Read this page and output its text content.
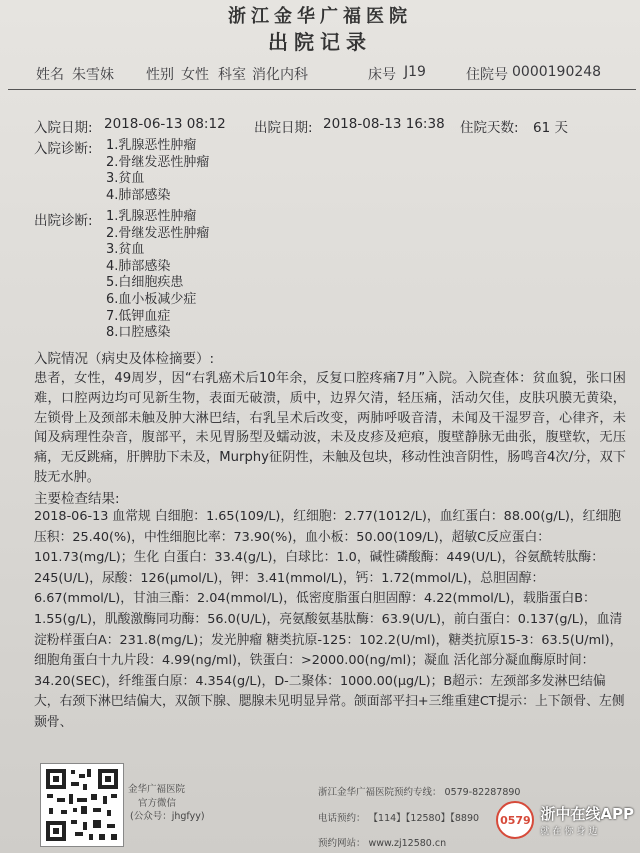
浙江金华广福医院
出院记录
姓名 朱雪妹 性别 女性 科室 消化内科	床号 J19	住院号 0000190248
入院日期: 2018-06-13 08:12 出院日期: 2018-08-13 16:38 住院天数: 61 天
入院诊断: 1.乳腺恶性肿瘤
2.骨继发恶性肿瘤
3.贫血
4.肺部感染
出院诊断: 1.乳腺恶性肿瘤
2.骨继发恶性肿瘤
3.贫血
4.肺部感染
5.白细胞疾患
6.血小板减少症
7.低钾血症
8.口腔感染
入院情况（病史及体检摘要）:
患者，女性，49周岁，因“右乳癌术后10年余，反复口腔疼痛7月”入院。入院查体：贫血貌，张口困难，口腔两边均可见新生物，表面无破溃，质中，边界欠清，轻压痛，活动欠佳，皮肤巩膜无黄染，左锁骨上及颈部未触及肿大淋巴结，右乳呈术后改变，两肺呼吸音清，未闻及干湿罗音，心律齐，未闻及病理性杂音，腹部平，未见胃肠型及蠕动波，未及皮疹及疤痕，腹壁静脉无曲张，腹壁软，无压痛，无反跳痛，肝脾肋下未及，Murphy征阴性，未触及包块，移动性浊音阴性，肠鸣音4次/分，双下肢无水肿。
主要检查结果:
2018-06-13 血常规 白细胞：1.65(109/L)，红细胞：2.77(1012/L)，血红蛋白：88.00(g/L)，红细胞压积：25.40(%)，中性细胞比率：73.90(%)，血小板：50.00(109/L)，超敏C反应蛋白：101.73(mg/L)；生化 白蛋白：33.4(g/L)，白球比：1.0，碱性磷酸酶：449(U/L)，谷氨酰转肽酶：245(U/L)，尿酸：126(μmol/L)，钾：3.41(mmol/L)，钙：1.72(mmol/L)，总胆固醇：6.67(mmol/L)，甘油三酯：2.04(mmol/L)，低密度脂蛋白胆固醇：4.22(mmol/L)，载脂蛋白B：1.55(g/L)，肌酸激酶同功酶：56.0(U/L)，亮氨酸氨基肽酶：63.9(U/L)，前白蛋白：0.137(g/L)，血清淀粉样蛋白A：231.8(mg/L)；发光肿瘤 糖类抗原-125：102.2(U/ml)，糖类抗原15-3：63.5(U/ml)，细胞角蛋白十九片段：4.99(ng/ml)，铁蛋白：>2000.00(ng/ml)；凝血 活化部分凝血酶原时间：34.20(SEC)，纤维蛋白原：4.354(g/L)，D-二聚体：1000.00(μg/L)；B超示：左颈部多发淋巴结偏大，右颈下淋巴结偏大，双颌下腺、腮腺未见明显异常。颌面部平扫+三维重建CT提示：上下颌骨、左侧颞骨、
金华广福医院
官方微信
(公众号：jhgfyy)
浙江金华广福医院预约专线： 0579-82287890
电话预约： 【114】【12580】【8890
预约网站： www.zj12580.cn
0579 浙中在线APP
就在你身边
